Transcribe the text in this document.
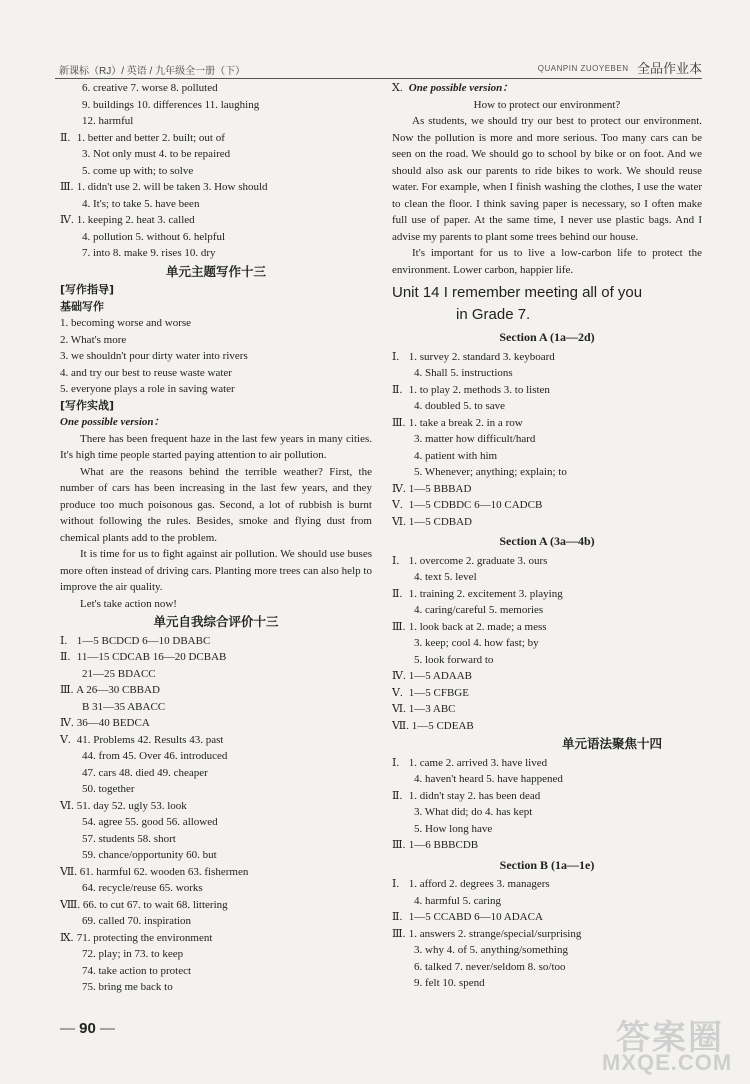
新课标（RJ）/ 英语 / 九年级全一册（下）	$^{QUANPIN ZUOYEBEN}$ 全品作业本
6. creative 7. worse 8. polluted
9. buildings 10. differences 11. laughing
12. harmful
Ⅱ. 1. better and better 2. built; out of
3. Not only must 4. to be repaired
5. come up with; to solve
Ⅲ. 1. didn't use 2. will be taken 3. How should
4. It's; to take 5. have been
Ⅳ. 1. keeping 2. heat 3. called
4. pollution 5. without 6. helpful
7. into 8. make 9. rises 10. dry
单元主题写作十三
[写作指导]
基础写作
1. becoming worse and worse
2. What's more
3. we shouldn't pour dirty water into rivers
4. and try our best to reuse waste water
5. everyone plays a role in saving water
[写作实战]
One possible version：
There has been frequent haze in the last few years in many cities. It's high time people started paying attention to air pollution.
What are the reasons behind the terrible weather? First, the number of cars has been increasing in the last few years, and they produce too much poisonous gas. Second, a lot of rubbish is burnt without following the rules. Besides, smoke and flying dust from chemical plants add to the problem.
It is time for us to fight against air pollution. We should use buses more often instead of driving cars. Planting more trees can also help to improve the air quality.
Let's take action now!
单元自我综合评价十三
Ⅰ. 1—5 BCDCD 6—10 DBABC
Ⅱ. 11—15 CDCAB 16—20 DCBAB
21—25 BDACC
Ⅲ. A 26—30 CBBAD
B 31—35 ABACC
Ⅳ. 36—40 BEDCA
Ⅴ. 41. Problems 42. Results 43. past
44. from 45. Over 46. introduced
47. cars 48. died 49. cheaper
50. together
Ⅵ. 51. day 52. ugly 53. look
54. agree 55. good 56. allowed
57. students 58. short
59. chance/opportunity 60. but
Ⅶ. 61. harmful 62. wooden 63. fishermen
64. recycle/reuse 65. works
Ⅷ. 66. to cut 67. to wait 68. littering
69. called 70. inspiration
Ⅸ. 71. protecting the environment
72. play; in 73. to keep
74. take action to protect
75. bring me back to
Ⅹ. One possible version：
How to protect our environment?
As students, we should try our best to protect our environment. Now the pollution is more and more serious. Too many cars can be seen on the road. We should go to school by bike or on foot. And we should also ask our parents to ride bikes to work. We should reuse water. For example, when I finish washing the clothes, I use the water to clean the floor. I think saving paper is necessary, so I often make full use of paper. At the same time, I never use plastic bags. And I advise my parents to plant some trees behind our house.
It's important for us to live a low-carbon life to protect the environment. Lower carbon, happier life.
Unit 14 I remember meeting all of you
in Grade 7.
Section A (1a—2d)
Ⅰ. 1. survey 2. standard 3. keyboard
4. Shall 5. instructions
Ⅱ. 1. to play 2. methods 3. to listen
4. doubled 5. to save
Ⅲ. 1. take a break 2. in a row
3. matter how difficult/hard
4. patient with him
5. Whenever; anything; explain; to
Ⅳ. 1—5 BBBAD
Ⅴ. 1—5 CDBDC 6—10 CADCB
Ⅵ. 1—5 CDBAD
Section A (3a—4b)
Ⅰ. 1. overcome 2. graduate 3. ours
4. text 5. level
Ⅱ. 1. training 2. excitement 3. playing
4. caring/careful 5. memories
Ⅲ. 1. look back at 2. made; a mess
3. keep; cool 4. how fast; by
5. look forward to
Ⅳ. 1—5 ADAAB
Ⅴ. 1—5 CFBGE
Ⅵ. 1—3 ABC
Ⅶ. 1—5 CDEAB
单元语法聚焦十四
Ⅰ. 1. came 2. arrived 3. have lived
4. haven't heard 5. have happened
Ⅱ. 1. didn't stay 2. has been dead
3. What did; do 4. has kept
5. How long have
Ⅲ. 1—6 BBBCDB
Section B (1a—1e)
Ⅰ. 1. afford 2. degrees 3. managers
4. harmful 5. caring
Ⅱ. 1—5 CCABD 6—10 ADACA
Ⅲ. 1. answers 2. strange/special/surprising
3. why 4. of 5. anything/something
6. talked 7. never/seldom 8. so/too
9. felt 10. spend
— 90 —	答案圈
MXQE.COM
